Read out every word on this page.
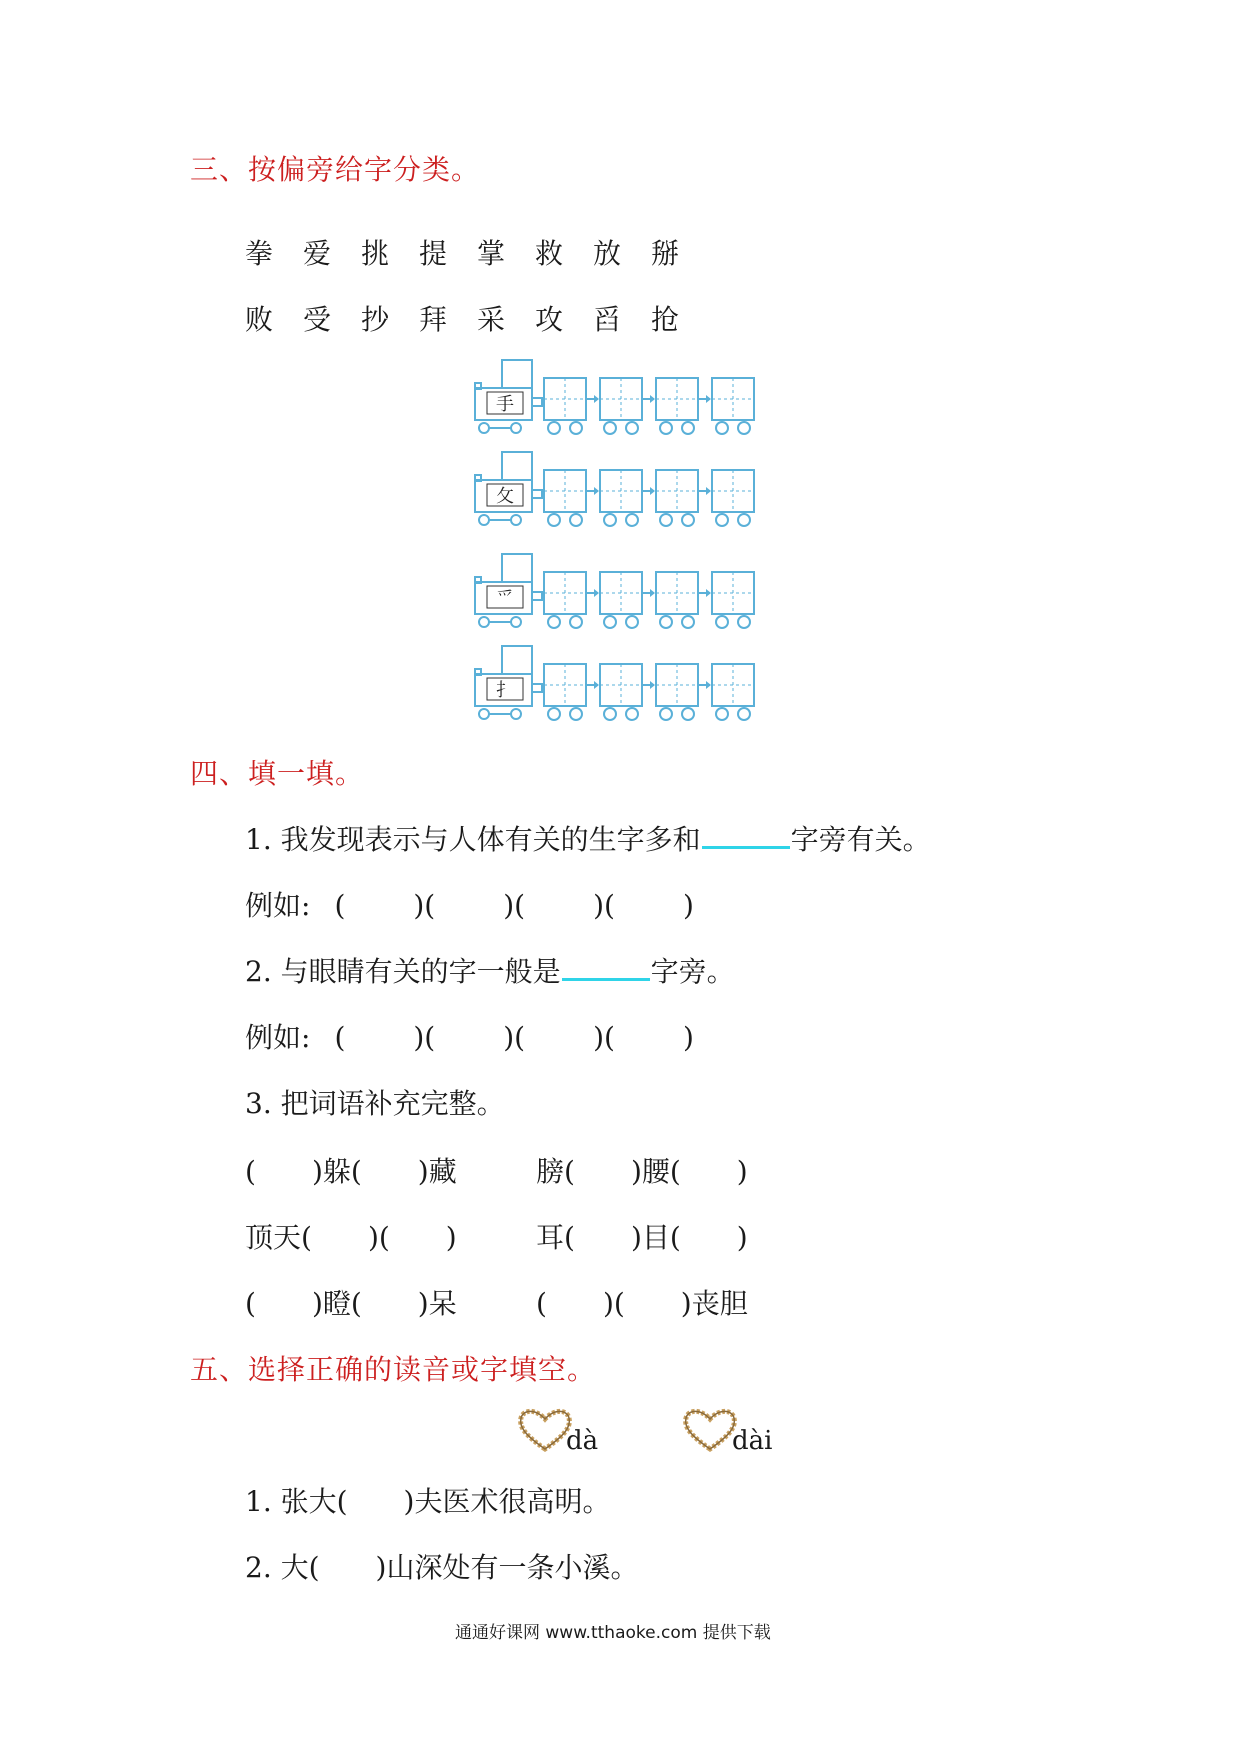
三、按偏旁给字分类。
拳 爱 挑 提 掌 救 放 掰
败 受 抄 拜 采 攻 舀 抢
手
攵
爫
扌
四、填一填。
1. 我发现表示与人体有关的生字多和	字旁有关。
例如: ( )( )( )( )
2. 与眼睛有关的字一般是	字旁。
例如: ( )( )( )( )
3. 把词语补充完整。
( )躲( )藏	膀( )腰( )
顶天( )( )	耳( )目( )
( )瞪( )呆	( )( )丧胆
五、选择正确的读音或字填空。
dà	dài
1. 张大( )夫医术很高明。
2. 大( )山深处有一条小溪。
通通好课网 www.tthaoke.com 提供下载
